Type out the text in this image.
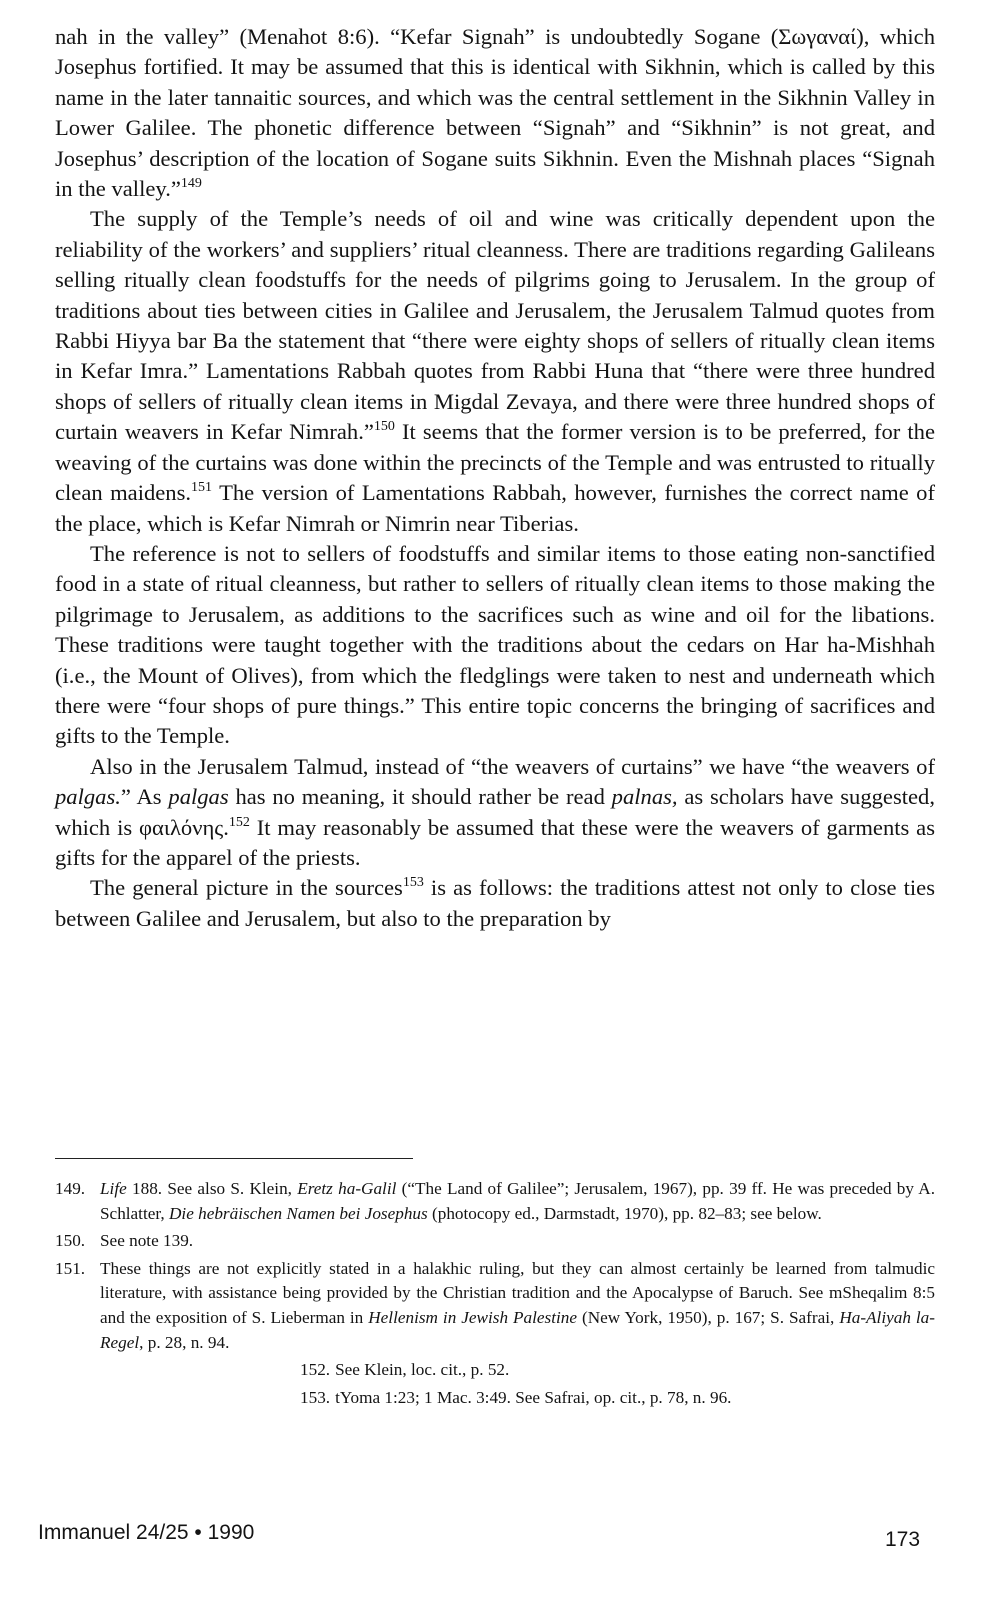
nah in the valley” (Menahot 8:6). “Kefar Signah” is undoubtedly Sogane (Σωγαναί), which Josephus fortified. It may be assumed that this is identical with Sikhnin, which is called by this name in the later tannaitic sources, and which was the central settlement in the Sikhnin Valley in Lower Galilee. The phonetic difference between “Signah” and “Sikhnin” is not great, and Josephus’ description of the location of Sogane suits Sikhnin. Even the Mishnah places “Signah in the valley.”$^{149}$

The supply of the Temple’s needs of oil and wine was critically dependent upon the reliability of the workers’ and suppliers’ ritual cleanness. There are traditions regarding Galileans selling ritually clean foodstuffs for the needs of pilgrims going to Jerusalem. In the group of traditions about ties between cities in Galilee and Jerusalem, the Jerusalem Talmud quotes from Rabbi Hiyya bar Ba the statement that “there were eighty shops of sellers of ritually clean items in Kefar Imra.” Lamentations Rabbah quotes from Rabbi Huna that “there were three hundred shops of sellers of ritually clean items in Migdal Zevaya, and there were three hundred shops of curtain weavers in Kefar Nimrah.”$^{150}$ It seems that the former version is to be preferred, for the weaving of the curtains was done within the precincts of the Temple and was entrusted to ritually clean maidens.$^{151}$ The version of Lamentations Rabbah, however, furnishes the correct name of the place, which is Kefar Nimrah or Nimrin near Tiberias.

The reference is not to sellers of foodstuffs and similar items to those eating non-sanctified food in a state of ritual cleanness, but rather to sellers of ritually clean items to those making the pilgrimage to Jerusalem, as additions to the sacrifices such as wine and oil for the libations. These traditions were taught together with the traditions about the cedars on Har ha-Mishhah (i.e., the Mount of Olives), from which the fledglings were taken to nest and underneath which there were “four shops of pure things.” This entire topic concerns the bringing of sacrifices and gifts to the Temple.

Also in the Jerusalem Talmud, instead of “the weavers of curtains” we have “the weavers of palgas.” As palgas has no meaning, it should rather be read palnas, as scholars have suggested, which is φαιλόνης.$^{152}$ It may reasonably be assumed that these were the weavers of garments as gifts for the apparel of the priests.

The general picture in the sources$^{153}$ is as follows: the traditions attest not only to close ties between Galilee and Jerusalem, but also to the preparation by

149. Life 188. See also S. Klein, Eretz ha-Galil (“The Land of Galilee”; Jerusalem, 1967), pp. 39 ff. He was preceded by A. Schlatter, Die hebräischen Namen bei Josephus (photocopy ed., Darmstadt, 1970), pp. 82–83; see below.

150. See note 139.

151. These things are not explicitly stated in a halakhic ruling, but they can almost certainly be learned from talmudic literature, with assistance being provided by the Christian tradition and the Apocalypse of Baruch. See mSheqalim 8:5 and the exposition of S. Lieberman in Hellenism in Jewish Palestine (New York, 1950), p. 167; S. Safrai, Ha-Aliyah la-Regel, p. 28, n. 94.

152. See Klein, loc. cit., p. 52.

153. tYoma 1:23; 1 Mac. 3:49. See Safrai, op. cit., p. 78, n. 96.

Immanuel 24/25 • 1990	173
